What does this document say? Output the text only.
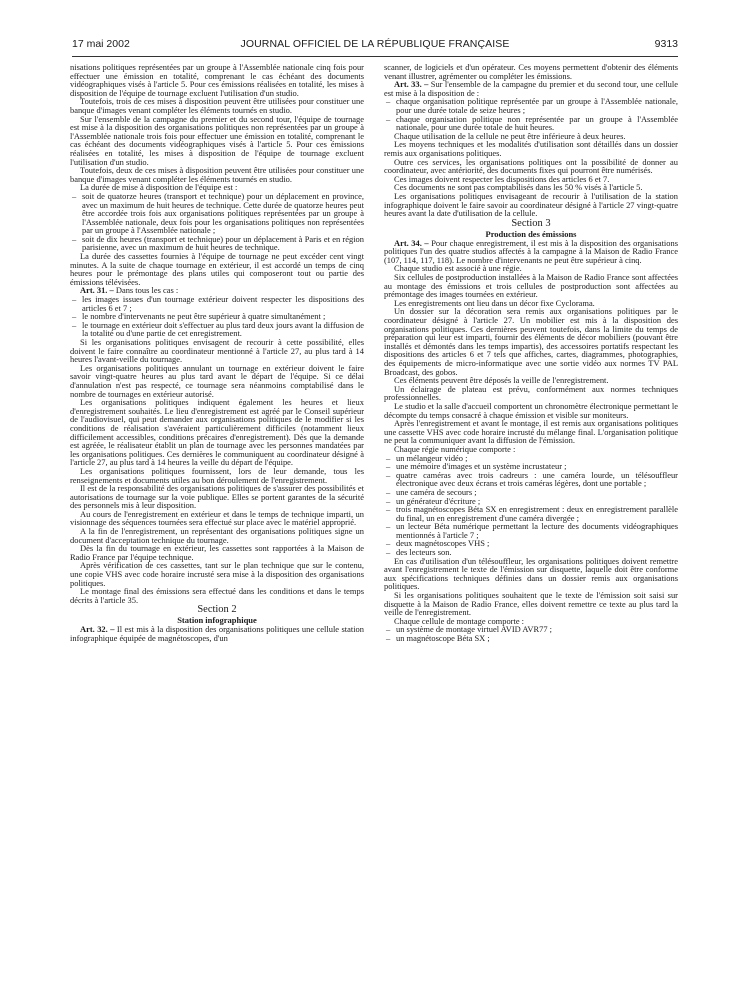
17 mai 2002	JOURNAL OFFICIEL DE LA RÉPUBLIQUE FRANÇAISE	9313

nisations politiques représentées par un groupe à l'Assemblée nationale cinq fois pour effectuer une émission en totalité, comprenant le cas échéant des documents vidéographiques visés à l'article 5. Pour ces émissions réalisées en totalité, les mises à disposition de l'équipe de tournage excluent l'utilisation d'un studio.

Toutefois, trois de ces mises à disposition peuvent être utilisées pour constituer une banque d'images venant compléter les éléments tournés en studio.

Sur l'ensemble de la campagne du premier et du second tour, l'équipe de tournage est mise à la disposition des organisations politiques non représentées par un groupe à l'Assemblée nationale trois fois pour effectuer une émission en totalité, comprenant le cas échéant des documents vidéographiques visés à l'article 5. Pour ces émissions réalisées en totalité, les mises à disposition de l'équipe de tournage excluent l'utilisation d'un studio.

Toutefois, deux de ces mises à disposition peuvent être utilisées pour constituer une banque d'images venant compléter les éléments tournés en studio.

La durée de mise à disposition de l'équipe est :

– soit de quatorze heures (transport et technique) pour un déplacement en province, avec un maximum de huit heures de technique. Cette durée de quatorze heures peut être accordée trois fois aux organisations politiques représentées par un groupe à l'Assemblée nationale, deux fois pour les organisations politiques non représentées par un groupe à l'Assemblée nationale ;
– soit de dix heures (transport et technique) pour un déplacement à Paris et en région parisienne, avec un maximum de huit heures de technique.

La durée des cassettes fournies à l'équipe de tournage ne peut excéder cent vingt minutes. A la suite de chaque tournage en extérieur, il est accordé un temps de cinq heures pour le prémontage des plans utiles qui composeront tout ou partie des émissions télévisées.

Art. 31. – Dans tous les cas :

– les images issues d'un tournage extérieur doivent respecter les dispositions des articles 6 et 7 ;
– le nombre d'intervenants ne peut être supérieur à quatre simultanément ;
– le tournage en extérieur doit s'effectuer au plus tard deux jours avant la diffusion de la totalité ou d'une partie de cet enregistrement.

Si les organisations politiques envisagent de recourir à cette possibilité, elles doivent le faire connaître au coordinateur mentionné à l'article 27, au plus tard à 14 heures l'avant-veille du tournage.

Les organisations politiques annulant un tournage en extérieur doivent le faire savoir vingt-quatre heures au plus tard avant le départ de l'équipe. Si ce délai d'annulation n'est pas respecté, ce tournage sera néanmoins comptabilisé dans le nombre de tournages en extérieur autorisé.

Les organisations politiques indiquent également les heures et lieux d'enregistrement souhaités. Le lieu d'enregistrement est agréé par le Conseil supérieur de l'audiovisuel, qui peut demander aux organisations politiques de le modifier si les conditions de réalisation s'avéraient particulièrement difficiles (notamment lieux difficilement accessibles, conditions précaires d'enregistrement). Dès que la demande est agréée, le réalisateur établit un plan de tournage avec les personnes mandatées par les organisations politiques. Ces dernières le communiquent au coordinateur désigné à l'article 27, au plus tard à 14 heures la veille du départ de l'équipe.

Les organisations politiques fournissent, lors de leur demande, tous les renseignements et documents utiles au bon déroulement de l'enregistrement.

Il est de la responsabilité des organisations politiques de s'assurer des possibilités et autorisations de tournage sur la voie publique. Elles se portent garantes de la sécurité des personnels mis à leur disposition.

Au cours de l'enregistrement en extérieur et dans le temps de technique imparti, un visionnage des séquences tournées sera effectué sur place avec le matériel approprié.

A la fin de l'enregistrement, un représentant des organisations politiques signe un document d'acceptation technique du tournage.

Dès la fin du tournage en extérieur, les cassettes sont rapportées à la Maison de Radio France par l'équipe technique.

Après vérification de ces cassettes, tant sur le plan technique que sur le contenu, une copie VHS avec code horaire incrusté sera mise à la disposition des organisations politiques.

Le montage final des émissions sera effectué dans les conditions et dans le temps décrits à l'article 35.

Section 2

Station infographique

Art. 32. – Il est mis à la disposition des organisations politiques une cellule station infographique équipée de magnétoscopes, d'un

scanner, de logiciels et d'un opérateur. Ces moyens permettent d'obtenir des éléments venant illustrer, agrémenter ou compléter les émissions.

Art. 33. – Sur l'ensemble de la campagne du premier et du second tour, une cellule est mise à la disposition de :

– chaque organisation politique représentée par un groupe à l'Assemblée nationale, pour une durée totale de seize heures ;
– chaque organisation politique non représentée par un groupe à l'Assemblée nationale, pour une durée totale de huit heures.

Chaque utilisation de la cellule ne peut être inférieure à deux heures.

Les moyens techniques et les modalités d'utilisation sont détaillés dans un dossier remis aux organisations politiques.

Outre ces services, les organisations politiques ont la possibilité de donner au coordinateur, avec antériorité, des documents fixes qui pourront être numérisés.

Ces images doivent respecter les dispositions des articles 6 et 7.

Ces documents ne sont pas comptabilisés dans les 50 % visés à l'article 5.

Les organisations politiques envisageant de recourir à l'utilisation de la station infographique doivent le faire savoir au coordinateur désigné à l'article 27 vingt-quatre heures avant la date d'utilisation de la cellule.

Section 3

Production des émissions

Art. 34. – Pour chaque enregistrement, il est mis à la disposition des organisations politiques l'un des quatre studios affectés à la campagne à la Maison de Radio France (107, 114, 117, 118). Le nombre d'intervenants ne peut être supérieur à cinq.

Chaque studio est associé à une régie.

Six cellules de postproduction installées à la Maison de Radio France sont affectées au montage des émissions et trois cellules de postproduction sont affectées au prémontage des images tournées en extérieur.

Les enregistrements ont lieu dans un décor fixe Cyclorama.

Un dossier sur la décoration sera remis aux organisations politiques par le coordinateur désigné à l'article 27. Un mobilier est mis à la disposition des organisations politiques. Ces dernières peuvent toutefois, dans la limite du temps de préparation qui leur est imparti, fournir des éléments de décor mobiliers (pouvant être installés et démontés dans les temps impartis), des accessoires portatifs respectant les dispositions des articles 6 et 7 tels que affiches, cartes, diagrammes, photographies, des équipements de micro-informatique avec une sortie vidéo aux normes TV PAL Broadcast, des gobos.

Ces éléments peuvent être déposés la veille de l'enregistrement.

Un éclairage de plateau est prévu, conformément aux normes techniques professionnelles.

Le studio et la salle d'accueil comportent un chronomètre électronique permettant le décompte du temps consacré à chaque émission et visible sur moniteurs.

Après l'enregistrement et avant le montage, il est remis aux organisations politiques une cassette VHS avec code horaire incrusté du mélange final. L'organisation politique ne peut la communiquer avant la diffusion de l'émission.

Chaque régie numérique comporte :

– un mélangeur vidéo ;
– une mémoire d'images et un système incrustateur ;
– quatre caméras avec trois cadreurs : une caméra lourde, un télésouffleur électronique avec deux écrans et trois caméras légères, dont une portable ;
– une caméra de secours ;
– un générateur d'écriture ;
– trois magnétoscopes Béta SX en enregistrement : deux en enregistrement parallèle du final, un en enregistrement d'une caméra divergée ;
– un lecteur Béta numérique permettant la lecture des documents vidéographiques mentionnés à l'article 7 ;
– deux magnétoscopes VHS ;
– des lecteurs son.

En cas d'utilisation d'un télésouffleur, les organisations politiques doivent remettre avant l'enregistrement le texte de l'émission sur disquette, laquelle doit être conforme aux spécifications techniques définies dans un dossier remis aux organisations politiques.

Si les organisations politiques souhaitent que le texte de l'émission soit saisi sur disquette à la Maison de Radio France, elles doivent remettre ce texte au plus tard la veille de l'enregistrement.

Chaque cellule de montage comporte :

– un système de montage virtuel AVID AVR77 ;
– un magnétoscope Béta SX ;
